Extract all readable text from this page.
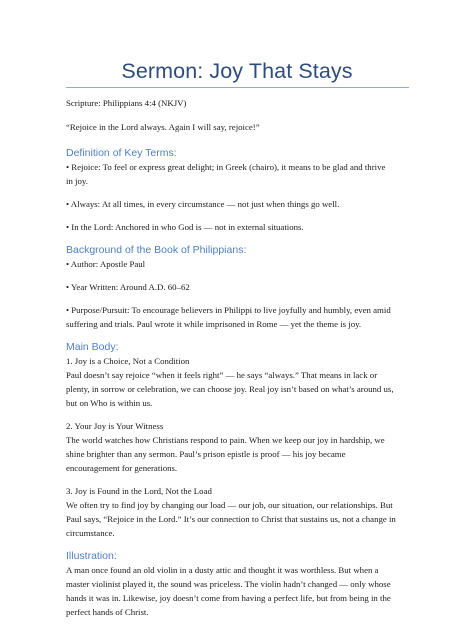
Sermon: Joy That Stays

Scripture: Philippians 4:4 (NKJV)

“Rejoice in the Lord always. Again I will say, rejoice!”

Definition of Key Terms:

• Rejoice: To feel or express great delight; in Greek (chairo), it means to be glad and thrive

in joy.

• Always: At all times, in every circumstance — not just when things go well.

• In the Lord: Anchored in who God is — not in external situations.

Background of the Book of Philippians:

• Author: Apostle Paul

• Year Written: Around A.D. 60–62

• Purpose/Pursuit: To encourage believers in Philippi to live joyfully and humbly, even amid

suffering and trials. Paul wrote it while imprisoned in Rome — yet the theme is joy.

Main Body:

1. Joy is a Choice, Not a Condition

Paul doesn’t say rejoice “when it feels right” — he says “always.” That means in lack or

plenty, in sorrow or celebration, we can choose joy. Real joy isn’t based on what’s around us,

but on Who is within us.

2. Your Joy is Your Witness

The world watches how Christians respond to pain. When we keep our joy in hardship, we

shine brighter than any sermon. Paul’s prison epistle is proof — his joy became

encouragement for generations.

3. Joy is Found in the Lord, Not the Load

We often try to find joy by changing our load — our job, our situation, our relationships. But

Paul says, “Rejoice in the Lord.” It’s our connection to Christ that sustains us, not a change in

circumstance.

Illustration:

A man once found an old violin in a dusty attic and thought it was worthless. But when a

master violinist played it, the sound was priceless. The violin hadn’t changed — only whose

hands it was in. Likewise, joy doesn’t come from having a perfect life, but from being in the

perfect hands of Christ.
